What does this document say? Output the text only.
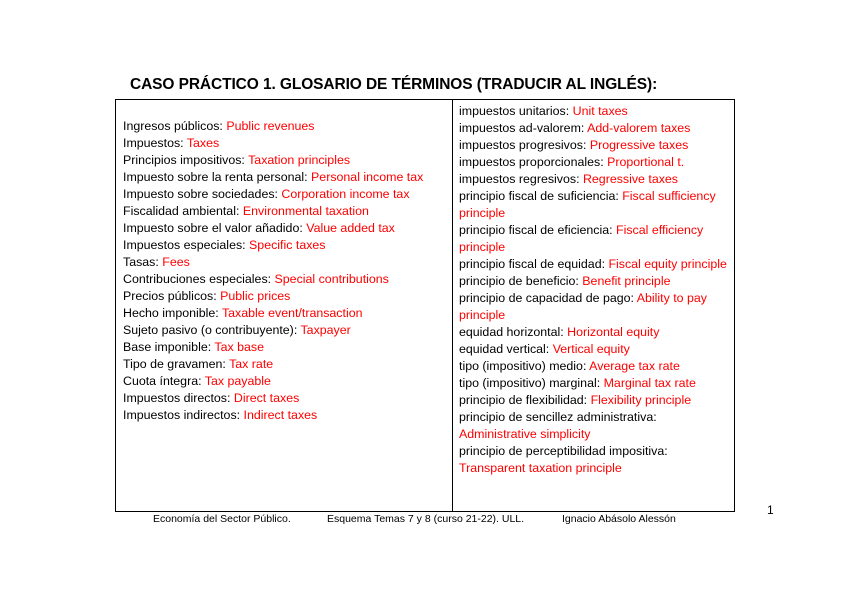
CASO PRÁCTICO 1. GLOSARIO DE TÉRMINOS (TRADUCIR AL INGLÉS):
Ingresos públicos: Public revenues
Impuestos: Taxes
Principios impositivos: Taxation principles
Impuesto sobre la renta personal: Personal income tax
Impuesto sobre sociedades: Corporation income tax
Fiscalidad ambiental: Environmental taxation
Impuesto sobre el valor añadido: Value added tax
Impuestos especiales: Specific taxes
Tasas: Fees
Contribuciones especiales: Special contributions
Precios públicos: Public prices
Hecho imponible: Taxable event/transaction
Sujeto pasivo (o contribuyente): Taxpayer
Base imponible: Tax base
Tipo de gravamen: Tax rate
Cuota íntegra: Tax payable
Impuestos directos: Direct taxes
Impuestos indirectos: Indirect taxes
impuestos unitarios: Unit taxes
impuestos ad-valorem: Add-valorem taxes
impuestos progresivos: Progressive taxes
impuestos proporcionales: Proportional t.
impuestos regresivos: Regressive taxes
principio fiscal de suficiencia: Fiscal sufficiency principle
principio fiscal de eficiencia: Fiscal efficiency principle
principio fiscal de equidad: Fiscal equity principle
principio de beneficio: Benefit principle
principio de capacidad de pago: Ability to pay principle
equidad horizontal: Horizontal equity
equidad vertical: Vertical equity
tipo (impositivo) medio: Average tax rate
tipo (impositivo) marginal: Marginal tax rate
principio de flexibilidad: Flexibility principle
principio de sencillez administrativa: Administrative simplicity
principio de perceptibilidad impositiva: Transparent taxation principle
Economía del Sector Público.	Esquema Temas 7 y 8 (curso 21-22). ULL.	Ignacio Abásolo Alessón
1
